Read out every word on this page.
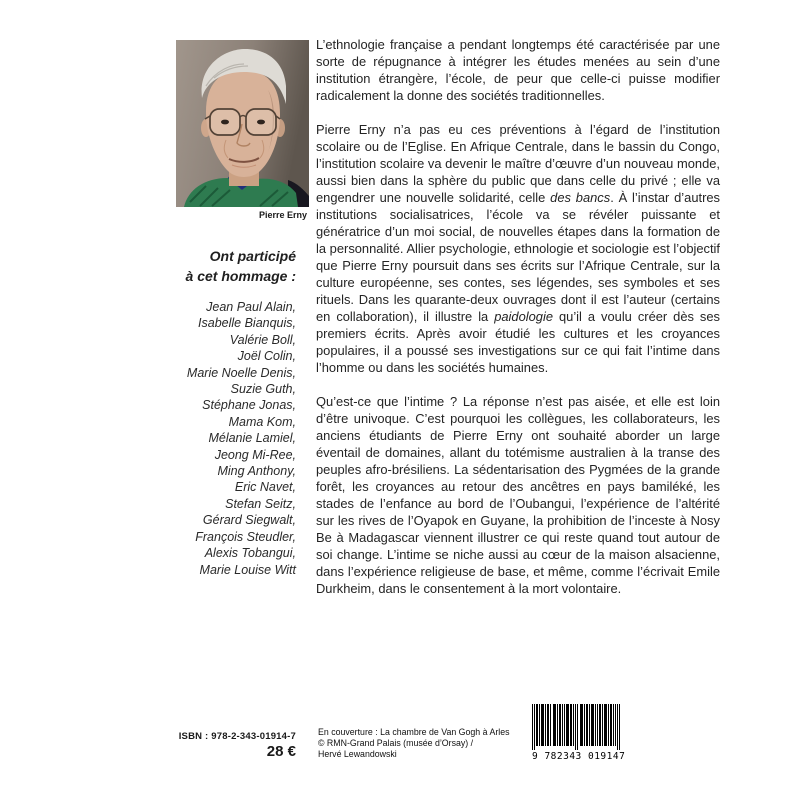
Pierre Erny
Ont participé
à cet hommage :
Jean Paul Alain,
Isabelle Bianquis,
Valérie Boll,
Joël Colin,
Marie Noelle Denis,
Suzie Guth,
Stéphane Jonas,
Mama Kom,
Mélanie Lamiel,
Jeong Mi-Ree,
Ming Anthony,
Eric Navet,
Stefan Seitz,
Gérard Siegwalt,
François Steudler,
Alexis Tobangui,
Marie Louise Witt

L’ethnologie française a pendant longtemps été caractérisée par une sorte de répugnance à intégrer les études menées au sein d’une institution étrangère, l’école, de peur que celle-ci puisse modifier radicalement la donne des sociétés traditionnelles.

Pierre Erny n’a pas eu ces préventions à l’égard de l’institution scolaire ou de l’Eglise. En Afrique Centrale, dans le bassin du Congo, l’institution scolaire va devenir le maître d’œuvre d’un nouveau monde, aussi bien dans la sphère du public que dans celle du privé ; elle va engendrer une nouvelle solidarité, celle des bancs. À l’instar d’autres institutions socialisatrices, l’école va se révéler puissante et génératrice d’un moi social, de nouvelles étapes dans la formation de la personnalité. Allier psychologie, ethnologie et sociologie est l’objectif que Pierre Erny poursuit dans ses écrits sur l’Afrique Centrale, sur la culture européenne, ses contes, ses légendes, ses symboles et ses rituels. Dans les quarante-deux ouvrages dont il est l’auteur (certains en collaboration), il illustre la paidologie qu’il a voulu créer dès ses premiers écrits. Après avoir étudié les cultures et les croyances populaires, il a poussé ses investigations sur ce qui fait l’intime dans l’homme ou dans les sociétés humaines.

Qu’est-ce que l’intime ? La réponse n’est pas aisée, et elle est loin d’être univoque. C’est pourquoi les collègues, les collaborateurs, les anciens étudiants de Pierre Erny ont souhaité aborder un large éventail de domaines, allant du totémisme australien à la transe des peuples afro-brésiliens. La sédentarisation des Pygmées de la grande forêt, les croyances au retour des ancêtres en pays bamiléké, les stades de l’enfance au bord de l’Oubangui, l’expérience de l’altérité sur les rives de l’Oyapok en Guyane, la prohibition de l’inceste à Nosy Be à Madagascar viennent illustrer ce qui reste quand tout autour de soi change. L’intime se niche aussi au cœur de la maison alsacienne, dans l’expérience religieuse de base, et même, comme l’écrivait Emile Durkheim, dans le consentement à la mort volontaire.

ISBN : 978-2-343-01914-7
28 €
En couverture : La chambre de Van Gogh à Arles
© RMN-Grand Palais (musée d’Orsay) /
Hervé Lewandowski	9 782343 019147
